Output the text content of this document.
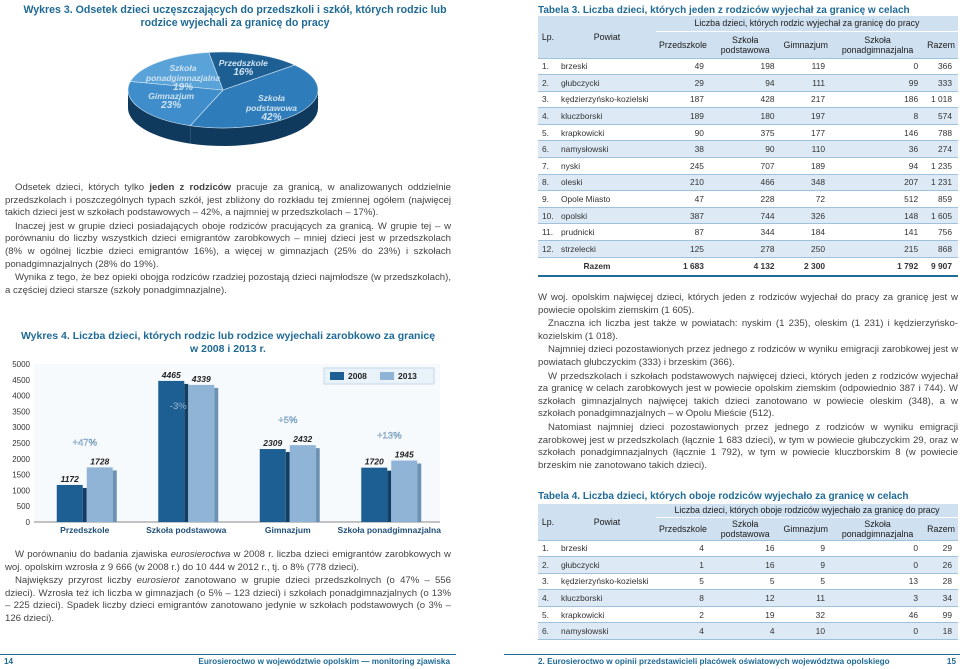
Wykres 3. Odsetek dzieci uczęszczających do przedszkoli i szkół, których rodzic lub rodzice wyjechali za granicę do pracy
Przedszkole
16%
Szkoła podstawowa
42%
Gimnazjum
23%
Szkoła ponadgimnazjalna
19%

Odsetek dzieci, których tylko jeden z rodziców pracuje za granicą, w analizowanych oddzielnie przedszkolach i poszczególnych typach szkół, jest zbliżony do rozkładu tej zmiennej ogółem (najwięcej takich dzieci jest w szkołach podstawowych – 42%, a najmniej w przedszkolach – 17%).

Inaczej jest w grupie dzieci posiadających oboje rodziców pracujących za granicą. W grupie tej – w porównaniu do liczby wszystkich dzieci emigrantów zarobkowych – mniej dzieci jest w przedszkolach (8% w ogólnej liczbie dzieci emigrantów 16%), a więcej w gimnazjach (25% do 23%) i szkołach ponadgimnazjalnych (28% do 19%).

Wynika z tego, że bez opieki obojga rodziców rzadziej pozostają dzieci najmłodsze (w przedszkolach), a częściej dzieci starsze (szkoły ponadgimnazjalne).

Wykres 4. Liczba dzieci, których rodzic lub rodzice wyjechali zarobkowo za granicę
w 2008 i 2013 r.
0
500
1000
1500
2000
2500
3000
3500
4000
4500
5000
1172
1728
+47%
Przedszkole
4465 4339
-3%
Szkoła podstawowa
2309 2432
+5%
Gimnazjum
1720
1945
+13%
Szkoła ponadgimnazjalna
2008	2013

W porównaniu do badania zjawiska eurosieroctwa w 2008 r. liczba dzieci emigrantów zarobkowych w woj. opolskim wzrosła z 9 666 (w 2008 r.) do 10 444 w 2012 r., tj. o 8% (778 dzieci).

Największy przyrost liczby eurosierot zanotowano w grupie dzieci przedszkolnych (o 47% – 556 dzieci). Wzrosła też ich liczba w gimnazjach (o 5% – 123 dzieci) i szkołach ponadgimnazjalnych (o 13% – 225 dzieci). Spadek liczby dzieci emigrantów zanotowano jedynie w szkołach podstawowych (o 3% – 126 dzieci).

14	Eurosieroctwo w województwie opolskim — monitoring zjawiska
Tabela 3. Liczba dzieci, których jeden z rodziców wyjechał za granicę w celach zarobkowych
Lp.	Powiat	Liczba dzieci, których rodzic wyjechał za granicę do pracy				
		Przedszkole	Szkoła podstawowa	Gimnazjum	Szkoła ponadgimnazjalna	Razem
1.	brzeski	49	198	119	0	366
2.	głubczycki	29	94	111	99	333
3.	kędzierzyńsko-kozielski	187	428	217	186	1 018
4.	kluczborski	189	180	197	8	574
5.	krapkowicki	90	375	177	146	788
6.	namysłowski	38	90	110	36	274
7.	nyski	245	707	189	94	1 235
8.	oleski	210	466	348	207	1 231
9.	Opole Miasto	47	228	72	512	859
10.	opolski	387	744	326	148	1 605
11.	prudnicki	87	344	184	141	756
12.	strzelecki	125	278	250	215	868
Razem		1 683	4 132	2 300	1 792	9 907

W woj. opolskim najwięcej dzieci, których jeden z rodziców wyjechał do pracy za granicę jest w powiecie opolskim ziemskim (1 605).

Znaczna ich liczba jest także w powiatach: nyskim (1 235), oleskim (1 231) i kędzierzyńsko-kozielskim (1 018).

Najmniej dzieci pozostawionych przez jednego z rodziców w wyniku emigracji zarobkowej jest w powiatach głubczyckim (333) i brzeskim (366).

W przedszkolach i szkołach podstawowych najwięcej dzieci, których jeden z rodziców wyjechał za granicę w celach zarobkowych jest w powiecie opolskim ziemskim (odpowiednio 387 i 744). W szkołach gimnazjalnych najwięcej takich dzieci zanotowano w powiecie oleskim (348), a w szkołach ponadgimnazjalnych – w Opolu Mieście (512).

Natomiast najmniej dzieci pozostawionych przez jednego z rodziców w wyniku emigracji zarobkowej jest w przedszkolach (łącznie 1 683 dzieci), w tym w powiecie głubczyckim 29, oraz w szkołach ponadgimnazjalnych (łącznie 1 792), w tym w powiecie kluczborskim 8 (w powiecie brzeskim nie zanotowano takich dzieci).

Tabela 4. Liczba dzieci, których oboje rodziców wyjechało za granicę w celach zarobkowych
Lp.	Powiat	Liczba dzieci, których oboje rodziców wyjechało za granicę do pracy				
		Przedszkole	Szkoła podstawowa	Gimnazjum	Szkoła ponadgimnazjalna	Razem
1.	brzeski	4	16	9	0	29
2.	głubczycki	1	16	9	0	26
3.	kędzierzyńsko-kozielski	5	5	5	13	28
4.	kluczborski	8	12	11	3	34
5.	krapkowicki	2	19	32	46	99
6.	namysłowski	4	4	10	0	18
2. Eurosieroctwo w opinii przedstawicieli placówek oświatowych województwa opolskiego	15
